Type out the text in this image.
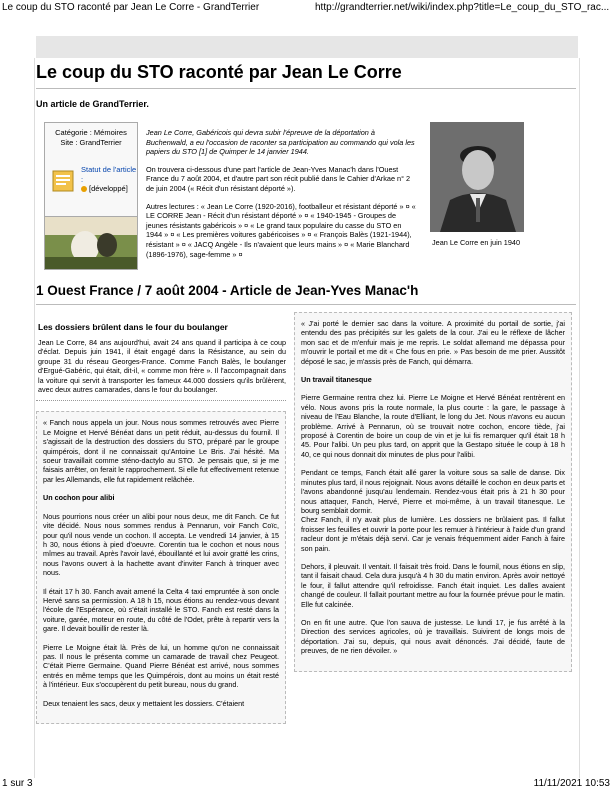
Le coup du STO raconté par Jean Le Corre - GrandTerrier	http://grandterrier.net/wiki/index.php?title=Le_coup_du_STO_rac...
Le coup du STO raconté par Jean Le Corre
Un article de GrandTerrier.
Catégorie : Mémoires
Site : GrandTerrier
Statut de l'article :
[développé]

Jean Le Corre, Gabéricois qui devra subir l'épreuve de la déportation à Buchenwald, a eu l'occasion de raconter sa participation au commando qui vola les papiers du STO [1] de Quimper le 14 janvier 1944.

On trouvera ci-dessous d'une part l'article de Jean-Yves Manac'h dans l'Ouest France du 7 août 2004, et d'autre part son récit publié dans le Cahier d'Arkae n° 2 de juin 2004 (« Récit d'un résistant déporté »).

Autres lectures : « Jean Le Corre (1920-2016), footballeur et résistant déporté » ¤ « LE CORRE Jean - Récit d'un résistant déporté » ¤ « 1940-1945 - Groupes de jeunes résistants gabéricois » ¤ « Le grand taux populaire du casse du STO en 1944 » ¤ « Les premières voitures gabéricoises » ¤ « François Balès (1921-1944), résistant » ¤ « JACQ Angèle - Ils n'avaient que leurs mains » ¤ « Marie Blanchard (1896-1976), sage-femme » ¤

Jean Le Corre en juin 1940
1 Ouest France / 7 août 2004 - Article de Jean-Yves Manac'h
Les dossiers brûlent dans le four du boulanger
Jean Le Corre, 84 ans aujourd'hui, avait 24 ans quand il participa à ce coup d'éclat. Depuis juin 1941, il était engagé dans la Résistance, au sein du groupe 31 du réseau Georges-France. Comme Fanch Balès, le boulanger d'Ergué-Gabéric, qui était, dit-il, « comme mon frère ». Il l'accompagnait dans la voiture qui servit à transporter les fameux 44.000 dossiers qu'ils brûlèrent, avec deux autres camarades, dans le four du boulanger.

« Fanch nous appela un jour. Nous nous sommes retrouvés avec Pierre Le Moigne et Hervé Bénéat dans un petit réduit, au-dessus du fournil. Il s'agissait de la destruction des dossiers du STO, préparé par le groupe quimpérois, dont il ne connaissait qu'Antoine Le Bris. J'ai hésité. Ma soeur travaillait comme sténo-dactylo au STO. Je pensais que, si je me faisais arrêter, on ferait le rapprochement. Si elle fut effectivement retenue par les Allemands, elle fut rapidement relâchée.

Un cochon pour alibi

Nous pourrions nous créer un alibi pour nous deux, me dit Fanch. Ce fut vite décidé. Nous nous sommes rendus à Pennarun, voir Fanch Coïc, pour qu'il nous vende un cochon. Il accepta. Le vendredi 14 janvier, à 15 h 30, nous étions à pied d'oeuvre. Corentin tua le cochon et nous nous mîmes au travail. Après l'avoir lavé, ébouillanté et lui avoir gratté les crins, nous l'avons ouvert à la hachette avant d'inviter Fanch à trinquer avec nous.

Il était 17 h 30. Fanch avait amené la Celta 4 taxi empruntée à son oncle Hervé sans sa permission. A 18 h 15, nous étions au rendez-vous devant l'école de l'Espérance, où s'était installé le STO. Fanch est resté dans la voiture, garée, moteur en route, du côté de l'Odet, prête à repartir vers la gare. Il devait bouillir de rester là.

Pierre Le Moigne était là. Près de lui, un homme qu'on ne connaissait pas. Il nous le présenta comme un camarade de travail chez Peugeot. C'était Pierre Germaine. Quand Pierre Bénéat est arrivé, nous sommes entrés en même temps que les Quimpérois, dont au moins un était resté à l'intérieur. Eux s'occupèrent du petit bureau, nous du grand.

Deux tenaient les sacs, deux y mettaient les dossiers. C'étaient

« J'ai porté le dernier sac dans la voiture. A proximité du portail de sortie, j'ai entendu des pas précipités sur les galets de la cour. J'ai eu le réflexe de lâcher mon sac et de m'enfuir mais je me repris. Le soldat allemand me dépassa pour m'ouvrir le portail et me dit « Che fous en prie. » Pas besoin de me prier. Aussitôt déposé le sac, je m'assis près de Fanch, qui démarra.

Un travail titanesque

Pierre Germaine rentra chez lui. Pierre Le Moigne et Hervé Bénéat rentrèrent en vélo. Nous avons pris la route normale, la plus courte : la gare, le passage à niveau de l'Eau Blanche, la route d'Elliant, le long du Jet. Nous n'avons eu aucun problème. Arrivé à Pennarun, où se trouvait notre cochon, encore tiède, j'ai proposé à Corentin de boire un coup de vin et je lui fis remarquer qu'il était 18 h 45. Pour l'alibi. Un peu plus tard, on apprit que la Gestapo située le coup à 18 h 40, ce qui nous donnait dix minutes de plus pour l'alibi.

Pendant ce temps, Fanch était allé garer la voiture sous sa salle de danse. Dix minutes plus tard, il nous rejoignait. Nous avons détaillé le cochon en deux parts et l'avons abandonné jusqu'au lendemain. Rendez-vous était pris à 21 h 30 pour nous attaquer, Fanch, Hervé, Pierre et moi-même, à un travail titanesque. Le bourg semblait dormir.
Chez Fanch, il n'y avait plus de lumière. Les dossiers ne brûlaient pas. Il fallut froisser les feuilles et ouvrir la porte pour les remuer à l'intérieur à l'aide d'un grand racleur dont je m'étais déjà servi. Car je venais fréquemment aider Fanch à faire son pain.

Dehors, il pleuvait. Il ventait. Il faisait très froid. Dans le fournil, nous étions en slip, tant il faisait chaud. Cela dura jusqu'à 4 h 30 du matin environ. Après avoir nettoyé le four, il fallut attendre qu'il refroidisse. Fanch était inquiet. Les dalles avaient changé de couleur. Il fallait pourtant mettre au four la fournée prévue pour le matin. Elle fut calcinée.

On en fit une autre. Que l'on sauva de justesse. Le lundi 17, je fus arrêté à la Direction des services agricoles, où je travaillais. Suivirent de longs mois de déportation. J'ai su, depuis, qui nous avait dénoncés. J'ai décidé, faute de preuves, de ne rien dévoiler. »

1 sur 3	11/11/2021 10:53
